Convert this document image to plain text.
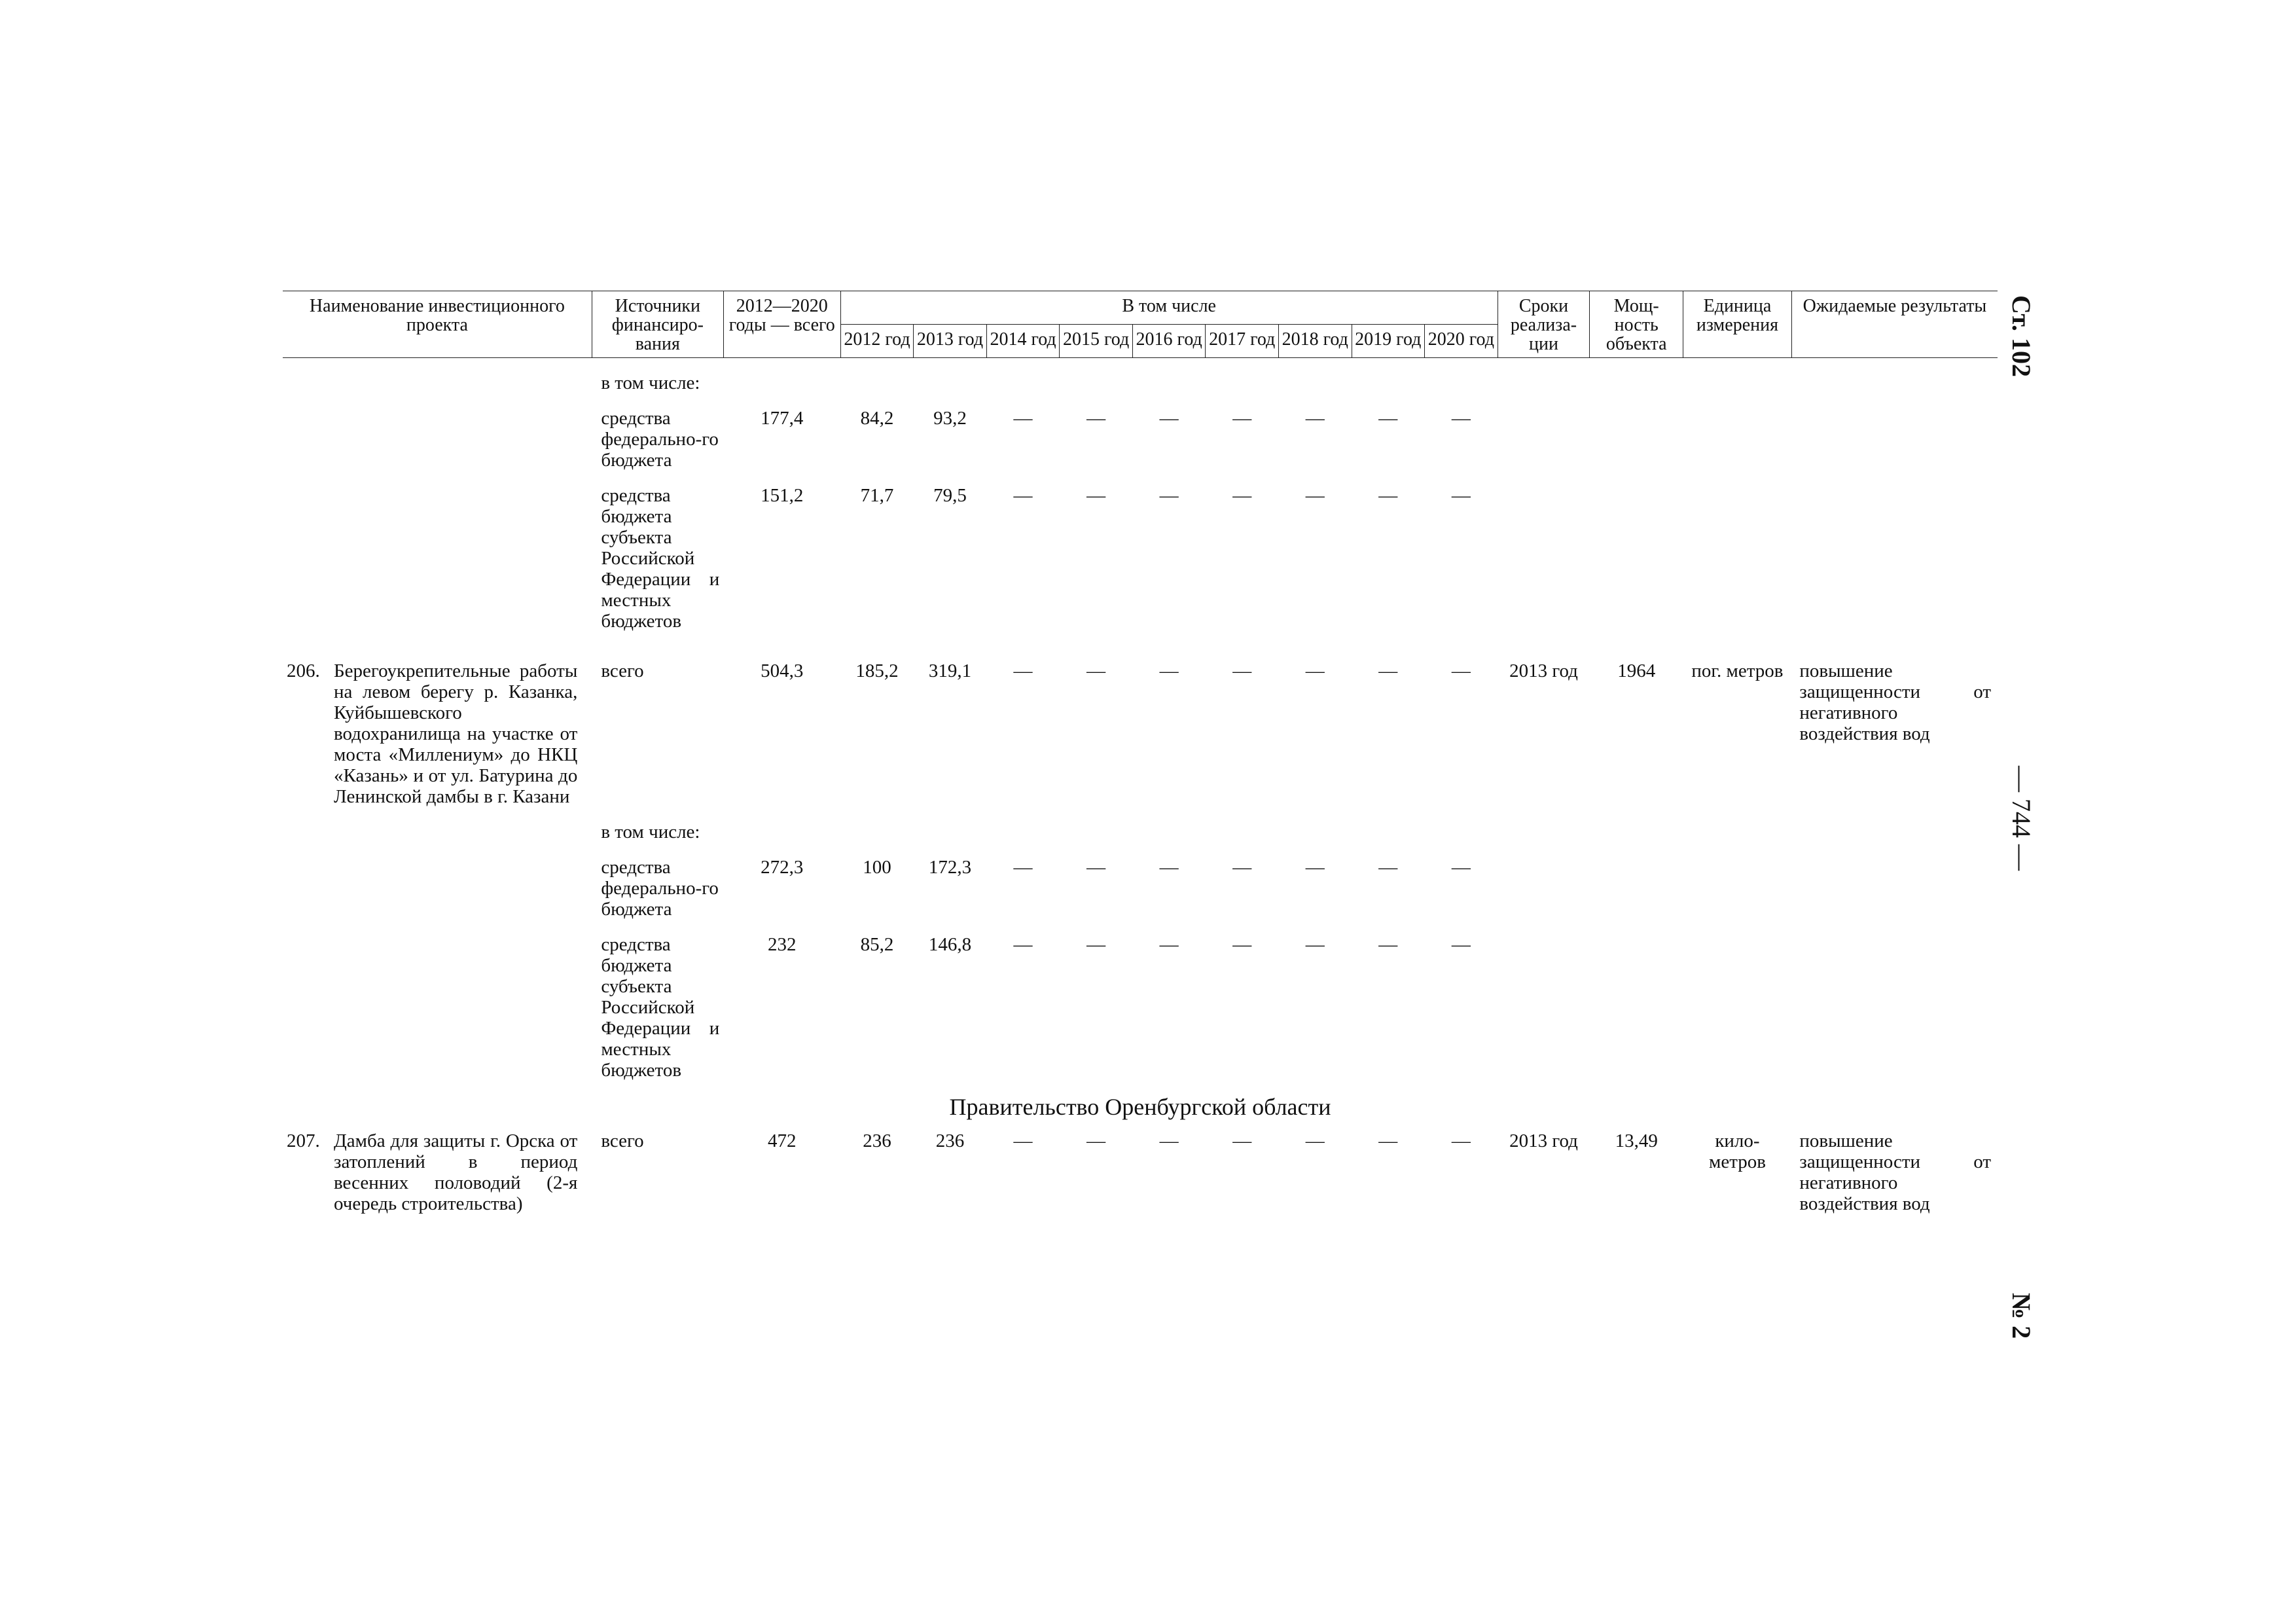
Наименование инвестиционного проекта	Источники финансиро-вания	2012—2020 годы — всего	В том числе									Сроки реализа-ции	Мощ-ность объекта	Единица измерения	Ожидаемые результаты
			2012 год	2013 год	2014 год	2015 год	2016 год	2017 год	2018 год	2019 год	2020 год				

	в том числе:														

	средства федерально-го бюджета	177,4	84,2	93,2	—	—	—	—	—	—	—				

	средства бюджета субъекта Российской Федерации и местных бюджетов	151,2	71,7	79,5	—	—	—	—	—	—	—				

206. Берегоукрепительные работы на левом берегу р. Казанка, Куйбышевского водохранилища на участке от моста «Миллениум» до НКЦ «Казань» и от ул. Батурина до Ленинской дамбы в г. Казани	всего	504,3	185,2	319,1	—	—	—	—	—	—	—	2013 год	1964	пог. метров	повышение защищенности от негативного воздействия вод

	в том числе:														

	средства федерально-го бюджета	272,3	100	172,3	—	—	—	—	—	—	—				

	средства бюджета субъекта Российской Федерации и местных бюджетов	232	85,2	146,8	—	—	—	—	—	—	—				
Правительство Оренбургской области															

207. Дамба для защиты г. Орска от затоплений в период весенних половодий (2-я очередь строительства)	всего	472	236	236	—	—	—	—	—	—	—	2013 год	13,49	кило-метров	повышение защищенности от негативного воздействия вод
Ст. 102
— 744 —
№ 2
